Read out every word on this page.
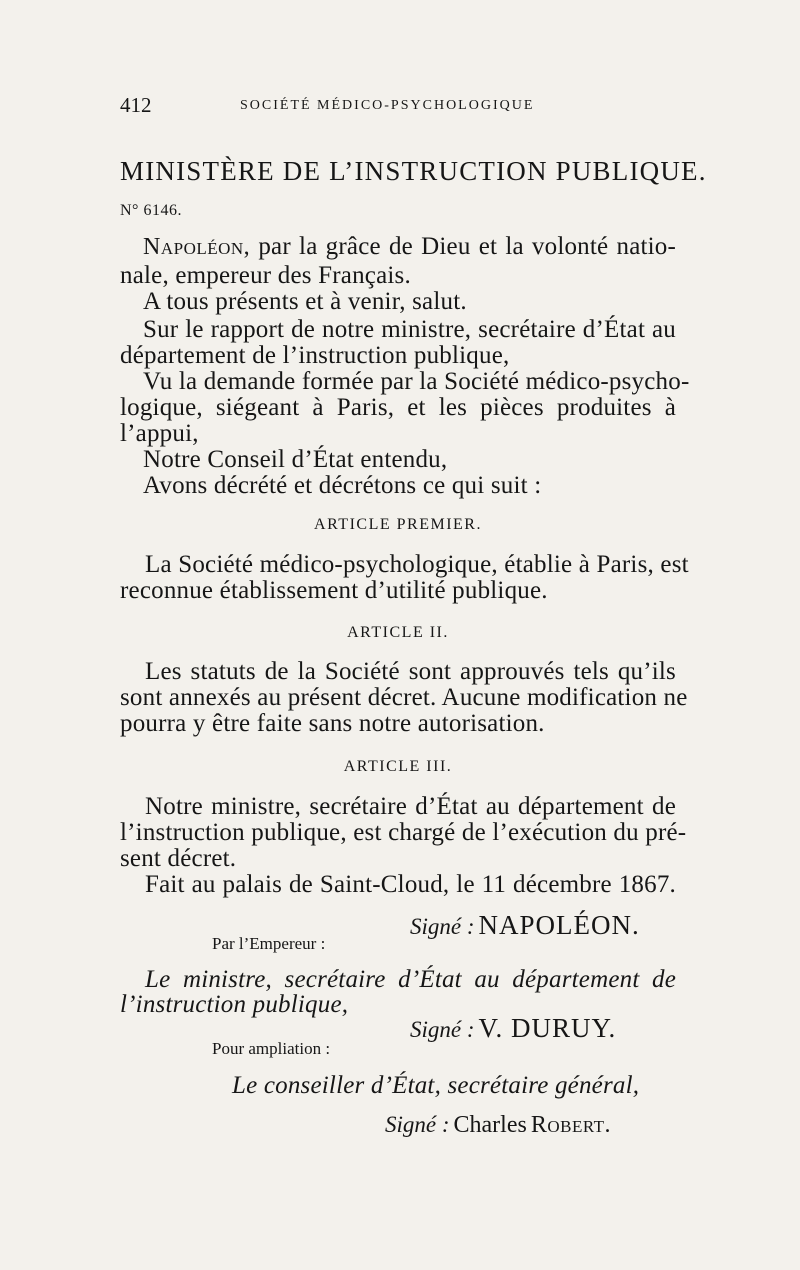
412	SOCIÉTÉ MÉDICO-PSYCHOLOGIQUE
MINISTÈRE DE L’INSTRUCTION PUBLIQUE.
N° 6146.
Napoléon, par la grâce de Dieu et la volonté natio-
nale, empereur des Français.
A tous présents et à venir, salut.
Sur le rapport de notre ministre, secrétaire d’État au
département de l’instruction publique,
Vu la demande formée par la Société médico-psycho-
logique, siégeant à Paris, et les pièces produites à
l’appui,
Notre Conseil d’État entendu,
Avons décrété et décrétons ce qui suit :
ARTICLE PREMIER.
La Société médico-psychologique, établie à Paris, est
reconnue établissement d’utilité publique.
ARTICLE II.
Les statuts de la Société sont approuvés tels qu’ils
sont annexés au présent décret. Aucune modification ne
pourra y être faite sans notre autorisation.
ARTICLE III.
Notre ministre, secrétaire d’État au département de
l’instruction publique, est chargé de l’exécution du pré-
sent décret.
Fait au palais de Saint-Cloud, le 11 décembre 1867.
Signé : NAPOLÉON.
Par l’Empereur :
Le ministre, secrétaire d’État au département de
l’instruction publique,
Signé : V. DURUY.
Pour ampliation :
Le conseiller d’État, secrétaire général,
Signé : Charles Robert.
